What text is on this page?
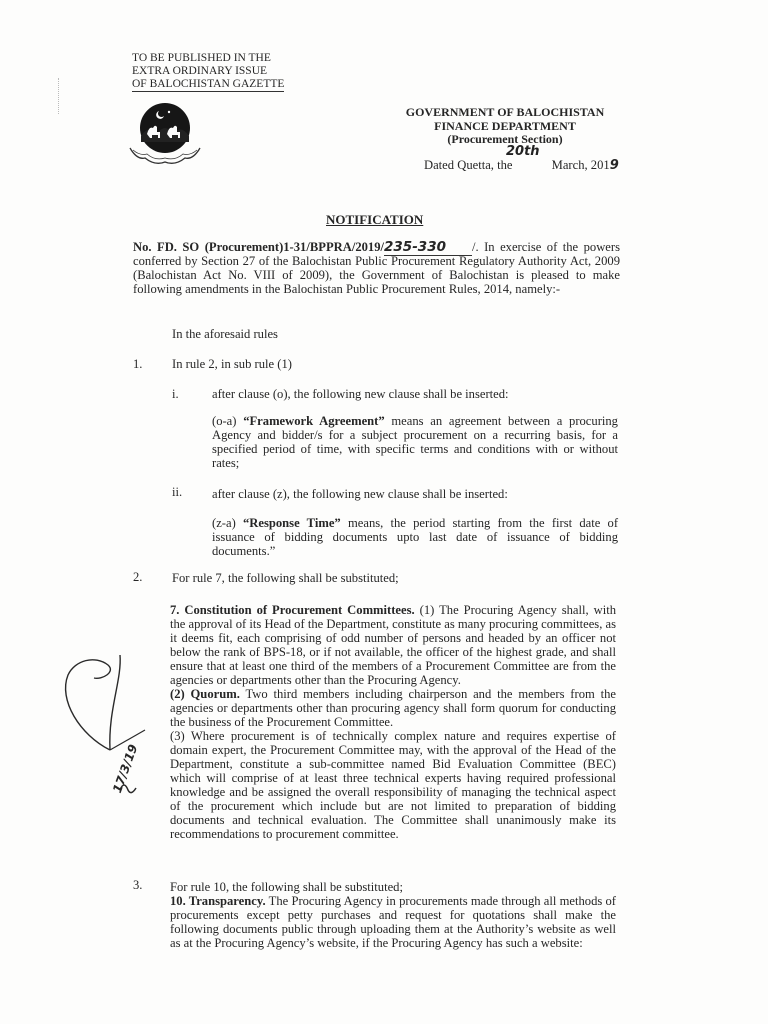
TO BE PUBLISHED IN THE
EXTRA ORDINARY ISSUE
OF BALOCHISTAN GAZETTE
GOVERNMENT OF BALOCHISTAN
FINANCE DEPARTMENT
(Procurement Section)
Dated Quetta, the
20th
March, 2019
NOTIFICATION
No. FD. SO (Procurement)1-31/BPPRA/2019/235-330 /. In exercise of the powers conferred by Section 27 of the Balochistan Public Procurement Regulatory Authority Act, 2009 (Balochistan Act No. VIII of 2009), the Government of Balochistan is pleased to make following amendments in the Balochistan Public Procurement Rules, 2014, namely:-
In the aforesaid rules
1. In rule 2, in sub rule (1)
i.	after clause (o), the following new clause shall be inserted:
(o-a) “Framework Agreement” means an agreement between a procuring Agency and bidder/s for a subject procurement on a recurring basis, for a specified period of time, with specific terms and conditions with or without rates;
ii. after clause (z), the following new clause shall be inserted:
(z-a) “Response Time” means, the period starting from the first date of issuance of bidding documents upto last date of issuance of bidding documents.”
2. For rule 7, the following shall be substituted;
7. Constitution of Procurement Committees. (1) The Procuring Agency shall, with the approval of its Head of the Department, constitute as many procuring committees, as it deems fit, each comprising of odd number of persons and headed by an officer not below the rank of BPS-18, or if not available, the officer of the highest grade, and shall ensure that at least one third of the members of a Procurement Committee are from the agencies or departments other than the Procuring Agency.
(2) Quorum. Two third members including chairperson and the members from the agencies or departments other than procuring agency shall form quorum for conducting the business of the Procurement Committee.
(3) Where procurement is of technically complex nature and requires expertise of domain expert, the Procurement Committee may, with the approval of the Head of the Department, constitute a sub-committee named Bid Evaluation Committee (BEC) which will comprise of at least three technical experts having required professional knowledge and be assigned the overall responsibility of managing the technical aspect of the procurement which include but are not limited to preparation of bidding documents and technical evaluation. The Committee shall unanimously make its recommendations to procurement committee.
3. For rule 10, the following shall be substituted;
10. Transparency. The Procuring Agency in procurements made through all methods of procurements except petty purchases and request for quotations shall make the following documents public through uploading them at the Authority’s website as well as at the Procuring Agency’s website, if the Procuring Agency has such a website:
17/3/19
